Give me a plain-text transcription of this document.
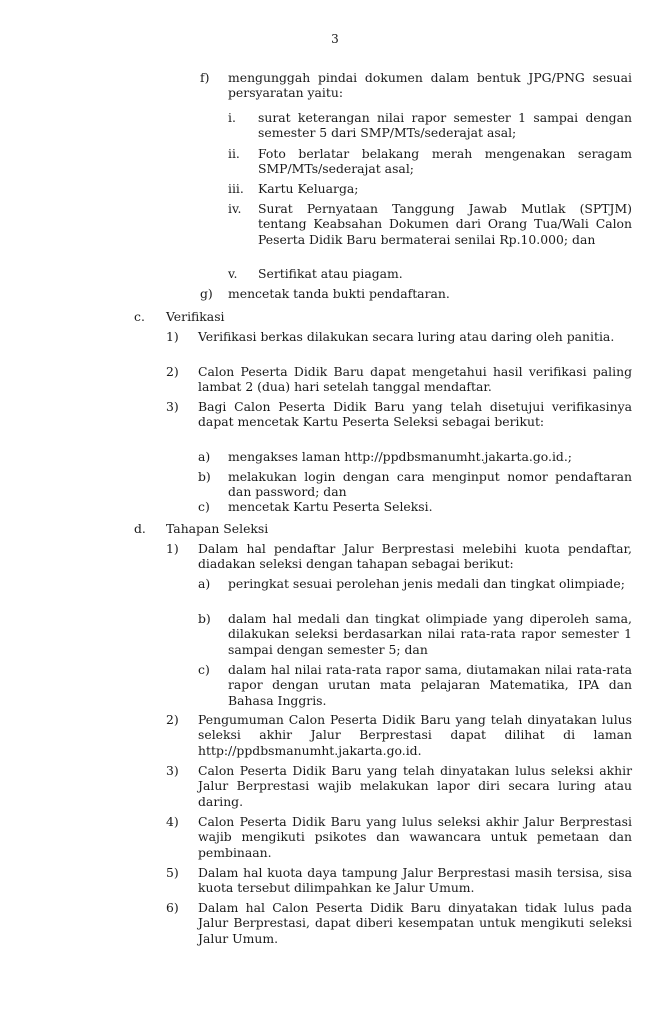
3
f)	mengunggah pindai dokumen dalam bentuk JPG/PNG sesuai persyaratan yaitu:
i.	surat keterangan nilai rapor semester 1 sampai dengan semester 5 dari SMP/MTs/sederajat asal;
ii.	Foto berlatar belakang merah mengenakan seragam SMP/MTs/sederajat asal;
iii.	Kartu Keluarga;
iv.	Surat Pernyataan Tanggung Jawab Mutlak (SPTJM) tentang Keabsahan Dokumen dari Orang Tua/Wali Calon Peserta Didik Baru bermaterai senilai Rp.10.000; dan
v.	Sertifikat atau piagam.
g)	mencetak tanda bukti pendaftaran.
c.	Verifikasi
1)	Verifikasi berkas dilakukan secara luring atau daring oleh panitia.
2)	Calon Peserta Didik Baru dapat mengetahui hasil verifikasi paling lambat 2 (dua) hari setelah tanggal mendaftar.
3)	Bagi Calon Peserta Didik Baru yang telah disetujui verifikasinya dapat mencetak Kartu Peserta Seleksi sebagai berikut:
a)	mengakses laman http://ppdbsmanumht.jakarta.go.id.;
b)	melakukan login dengan cara menginput nomor pendaftaran dan password; dan
c)	mencetak Kartu Peserta Seleksi.
d.	Tahapan Seleksi
1)	Dalam hal pendaftar Jalur Berprestasi melebihi kuota pendaftar, diadakan seleksi dengan tahapan sebagai berikut:
a)	peringkat sesuai perolehan jenis medali dan tingkat olimpiade;
b)	dalam hal medali dan tingkat olimpiade yang diperoleh sama, dilakukan seleksi berdasarkan nilai rata-rata rapor semester 1 sampai dengan semester 5; dan
c)	dalam hal nilai rata-rata rapor sama, diutamakan nilai rata-rata rapor dengan urutan mata pelajaran Matematika, IPA dan Bahasa Inggris.
2)	Pengumuman Calon Peserta Didik Baru yang telah dinyatakan lulus seleksi akhir Jalur Berprestasi dapat dilihat di laman http://ppdbsmanumht.jakarta.go.id.
3)	Calon Peserta Didik Baru yang telah dinyatakan lulus seleksi akhir Jalur Berprestasi wajib melakukan lapor diri secara luring atau daring.
4)	Calon Peserta Didik Baru yang lulus seleksi akhir Jalur Berprestasi wajib mengikuti psikotes dan wawancara untuk pemetaan dan pembinaan.
5)	Dalam hal kuota daya tampung Jalur Berprestasi masih tersisa, sisa kuota tersebut dilimpahkan ke Jalur Umum.
6)	Dalam hal Calon Peserta Didik Baru dinyatakan tidak lulus pada Jalur Berprestasi, dapat diberi kesempatan untuk mengikuti seleksi Jalur Umum.
